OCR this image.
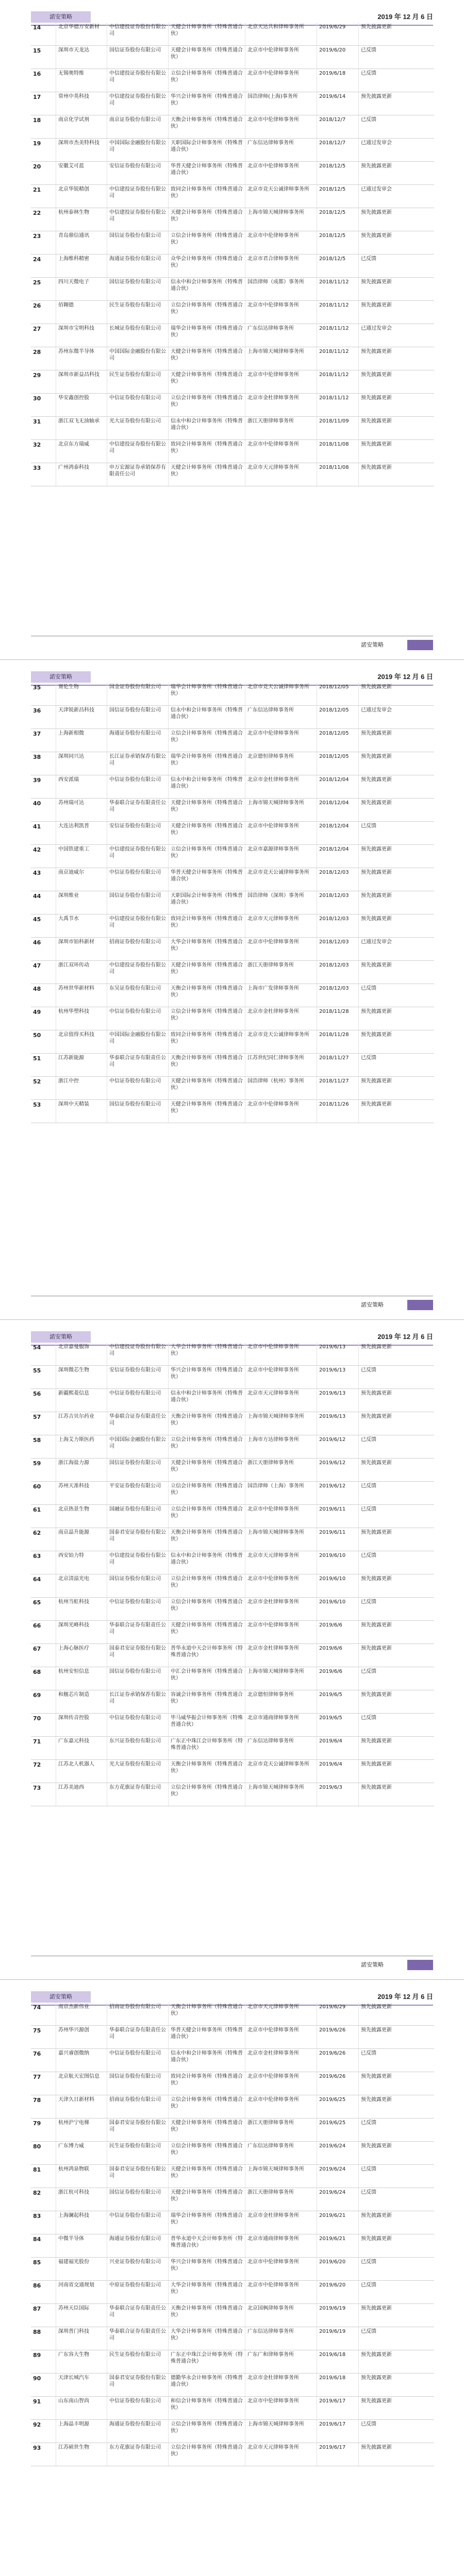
諾安策略	2019 年 12 月 6 日
14	北京华德万安新材	中信建投证券股份有限公司	天健会计师事务所（特殊普通合伙）	北京天达共和律师事务所	2019/6/29	预先披露更新
15	深圳市天龙达	国信证券股份有限公司	天健会计师事务所（特殊普通合伙）	北京市中伦律师事务所	2019/6/20	已反馈
16	无锡奥特维	中信建投证券股份有限公司	立信会计师事务所（特殊普通合伙）	北京市中伦律师事务所	2019/6/18	已反馈
17	常州中英科技	中信建投证券股份有限公司	华兴会计师事务所（特殊普通合伙）	国浩律师(上海)事务所	2019/6/14	预先披露更新
18	南京化学试剂	南京证券股份有限公司	天衡会计师事务所（特殊普通合伙）	北京市中伦律师事务所	2018/12/7	已反馈
19	深圳市杰美特科技	中国国际金融股份有限公司	天职国际会计师事务所（特殊普通合伙）	广东信达律师事务所	2018/12/7	已通过发审会
20	安徽艾可蓝	安信证券股份有限公司	华普天健会计师事务所（特殊普通合伙）	北京市中伦律师事务所	2018/12/5	预先披露更新
21	北京华锐精创	中信建投证券股份有限公司	致同会计师事务所（特殊普通合伙）	北京市竞天公诚律师事务所	2018/12/5	已通过发审会
22	杭州泰林生物	中信建投证券股份有限公司	天健会计师事务所（特殊普通合伙）	上海市锦天城律师事务所	2018/12/5	预先披露更新
23	青岛鼎信通讯	国信证券股份有限公司	立信会计师事务所（特殊普通合伙）	北京市中伦律师事务所	2018/12/5	预先披露更新
24	上海维科精密	海通证券股份有限公司	众华会计师事务所（特殊普通合伙）	北京市君合律师事务所	2018/12/5	已反馈
25	四川天微电子	国信证券股份有限公司	信永中和会计师事务所（特殊普通合伙）	国浩律师（成都）事务所	2018/11/12	预先披露更新
26	佰翱德	民生证券股份有限公司	立信会计师事务所（特殊普通合伙）	北京市中伦律师事务所	2018/11/12	预先披露更新
27	深圳市宝明科技	长城证券股份有限公司	瑞华会计师事务所（特殊普通合伙）	广东信达律师事务所	2018/11/12	已通过发审会
28	苏州东微半导体	中国国际金融股份有限公司	天健会计师事务所（特殊普通合伙）	上海市锦天城律师事务所	2018/11/12	预先披露更新
29	深圳市新益昌科技	民生证券股份有限公司	天健会计师事务所（特殊普通合伙）	北京市中伦律师事务所	2018/11/12	预先披露更新
30	华安鑫创控股	中信证券股份有限公司	立信会计师事务所（特殊普通合伙）	北京市金杜律师事务所	2018/11/12	预先披露更新
31	浙江双飞无油轴承	光大证券股份有限公司	信永中和会计师事务所（特殊普通合伙）	浙江天册律师事务所	2018/11/09	预先披露更新
32	北京东方瑞威	中信建投证券股份有限公司	致同会计师事务所（特殊普通合伙）	北京市中伦律师事务所	2018/11/08	预先披露更新
33	广州鸿泰科技	申万宏源证券承销保荐有限责任公司	天健会计师事务所（特殊普通合伙）	北京市天元律师事务所	2018/11/08	预先披露更新
諾安策略
諾安策略	2019 年 12 月 6 日
35	赛伦生物	国金证券股份有限公司	瑞华会计师事务所（特殊普通合伙）	北京市竞天公诚律师事务所	2018/12/05	预先披露更新
36	天津锐新昌科技	国信证券股份有限公司	信永中和会计师事务所（特殊普通合伙）	广东信达律师事务所	2018/12/05	已通过发审会
37	上海新相微	海通证券股份有限公司	立信会计师事务所（特殊普通合伙）	北京市中伦律师事务所	2018/12/05	预先披露更新
38	深圳同兴达	长江证券承销保荐有限公司	瑞华会计师事务所（特殊普通合伙）	北京德恒律师事务所	2018/12/05	预先披露更新
39	西安派瑞	中信证券股份有限公司	信永中和会计师事务所（特殊普通合伙）	北京市金杜律师事务所	2018/12/04	预先披露更新
40	苏州瑞可达	华泰联合证券有限责任公司	天健会计师事务所（特殊普通合伙）	上海市锦天城律师事务所	2018/12/04	预先披露更新
41	大连达利凯普	安信证券股份有限公司	天健会计师事务所（特殊普通合伙）	北京市中伦律师事务所	2018/12/04	已反馈
42	中国铁建重工	中信建投证券股份有限公司	立信会计师事务所（特殊普通合伙）	北京市嘉源律师事务所	2018/12/04	预先披露更新
43	南京迪威尔	中信证券股份有限公司	华普天健会计师事务所（特殊普通合伙）	北京市竞天公诚律师事务所	2018/12/03	预先披露更新
44	深圳维业	国信证券股份有限公司	天职国际会计师事务所（特殊普通合伙）	国浩律师（深圳）事务所	2018/12/03	预先披露更新
45	大禹节水	中信建投证券股份有限公司	致同会计师事务所（特殊普通合伙）	北京市天元律师事务所	2018/12/03	预先披露更新
46	深圳市铂科新材	招商证券股份有限公司	大华会计师事务所（特殊普通合伙）	北京市中伦律师事务所	2018/12/03	已通过发审会
47	浙江双环传动	中信建投证券股份有限公司	天健会计师事务所（特殊普通合伙）	浙江天册律师事务所	2018/12/03	预先披露更新
48	苏州世华新材料	东吴证券股份有限公司	天衡会计师事务所（特殊普通合伙）	上海市广发律师事务所	2018/12/03	已反馈
49	杭州华塑科技	中信证券股份有限公司	立信会计师事务所（特殊普通合伙）	北京市金杜律师事务所	2018/11/28	预先披露更新
50	北京值得买科技	中国国际金融股份有限公司	致同会计师事务所（特殊普通合伙）	北京市竞天公诚律师事务所	2018/11/28	预先披露更新
51	江苏新能源	华泰联合证券有限责任公司	天衡会计师事务所（特殊普通合伙）	江苏世纪同仁律师事务所	2018/11/27	已反馈
52	浙江中控	中信证券股份有限公司	天健会计师事务所（特殊普通合伙）	国浩律师（杭州）事务所	2018/11/27	预先披露更新
53	深圳中天精装	国信证券股份有限公司	天健会计师事务所（特殊普通合伙）	北京市中伦律师事务所	2018/11/26	预先披露更新
諾安策略
諾安策略	2019 年 12 月 6 日
54	北京嘉曼服饰	中信建投证券股份有限公司	大华会计师事务所（特殊普通合伙）	北京市中伦律师事务所	2019/6/13	预先披露更新
55	深圳微芯生物	安信证券股份有限公司	华兴会计师事务所（特殊普通合伙）	北京市中伦律师事务所	2019/6/13	已反馈
56	新疆熙菱信息	中信证券股份有限公司	信永中和会计师事务所（特殊普通合伙）	北京市天元律师事务所	2019/6/13	预先披露更新
57	江苏吉贝尔药业	华泰联合证券有限责任公司	天衡会计师事务所（特殊普通合伙）	上海市锦天城律师事务所	2019/6/13	预先披露更新
58	上海艾力斯医药	中国国际金融股份有限公司	立信会计师事务所（特殊普通合伙）	上海市方达律师事务所	2019/6/12	已反馈
59	浙江海盐力源	国信证券股份有限公司	天健会计师事务所（特殊普通合伙）	浙江天册律师事务所	2019/6/12	预先披露更新
60	苏州天准科技	平安证券股份有限公司	立信会计师事务所（特殊普通合伙）	国浩律师（上海）事务所	2019/6/12	已反馈
61	北京热景生物	国融证券股份有限公司	立信会计师事务所（特殊普通合伙）	北京市中伦律师事务所	2019/6/11	已反馈
62	南京晶升能源	国泰君安证券股份有限公司	天衡会计师事务所（特殊普通合伙）	上海市锦天城律师事务所	2019/6/11	预先披露更新
63	西安铂力特	中信建投证券股份有限公司	信永中和会计师事务所（特殊普通合伙）	北京市天元律师事务所	2019/6/10	已反馈
64	北京清溢光电	国信证券股份有限公司	立信会计师事务所（特殊普通合伙）	北京市中伦律师事务所	2019/6/10	预先披露更新
65	杭州当虹科技	中信证券股份有限公司	立信会计师事务所（特殊普通合伙）	北京市金杜律师事务所	2019/6/10	已反馈
66	深圳光峰科技	华泰联合证券有限责任公司	天健会计师事务所（特殊普通合伙）	北京市中伦律师事务所	2019/6/6	预先披露更新
67	上海心脉医疗	国泰君安证券股份有限公司	普华永道中天会计师事务所（特殊普通合伙）	北京市金杜律师事务所	2019/6/6	预先披露更新
68	杭州安恒信息	国信证券股份有限公司	中汇会计师事务所（特殊普通合伙）	上海市锦天城律师事务所	2019/6/6	已反馈
69	和舰芯片制造	长江证券承销保荐有限公司	容诚会计师事务所（特殊普通合伙）	北京德恒律师事务所	2019/6/5	预先披露更新
70	深圳传音控股	中信证券股份有限公司	毕马威华振会计师事务所（特殊普通合伙）	北京市通商律师事务所	2019/6/5	已反馈
71	广东嘉元科技	东兴证券股份有限公司	广东正中珠江会计师事务所（特殊普通合伙）	广东信达律师事务所	2019/6/4	预先披露更新
72	江苏北人机器人	光大证券股份有限公司	天衡会计师事务所（特殊普通合伙）	北京市竞天公诚律师事务所	2019/6/4	预先披露更新
73	江苏美迪西	东方花旗证券有限公司	立信会计师事务所（特殊普通合伙）	上海市锦天城律师事务所	2019/6/3	预先披露更新
諾安策略
諾安策略	2019 年 12 月 6 日
74	南京杰新伟业	招商证券股份有限公司	天衡会计师事务所（特殊普通合伙）	北京市天元律师事务所	2019/6/29	预先披露更新
75	苏州华兴源创	华泰联合证券有限责任公司	华普天健会计师事务所（特殊普通合伙）	北京市中伦律师事务所	2019/6/26	预先披露更新
76	嘉兴睿创微纳	中信证券股份有限公司	信永中和会计师事务所（特殊普通合伙）	北京市金杜律师事务所	2019/6/26	已反馈
77	北京航天宏图信息	国信证券股份有限公司	致同会计师事务所（特殊普通合伙）	北京市中伦律师事务所	2019/6/26	预先披露更新
78	天津久日新材料	招商证券股份有限公司	立信会计师事务所（特殊普通合伙）	北京市中伦律师事务所	2019/6/25	预先披露更新
79	杭州沪宁电梯	国泰君安证券股份有限公司	天健会计师事务所（特殊普通合伙）	浙江天册律师事务所	2019/6/25	已反馈
80	广东博力威	民生证券股份有限公司	立信会计师事务所（特殊普通合伙）	广东信达律师事务所	2019/6/24	预先披露更新
81	杭州鸿泉物联	国泰君安证券股份有限公司	天健会计师事务所（特殊普通合伙）	上海市锦天城律师事务所	2019/6/24	已反馈
82	浙江杭可科技	国信证券股份有限公司	天健会计师事务所（特殊普通合伙）	浙江天册律师事务所	2019/6/24	已反馈
83	上海澜起科技	中信证券股份有限公司	瑞华会计师事务所（特殊普通合伙）	北京市金杜律师事务所	2019/6/21	预先披露更新
84	中微半导体	海通证券股份有限公司	普华永道中天会计师事务所（特殊普通合伙）	北京市通商律师事务所	2019/6/21	预先披露更新
85	福建福光股份	兴业证券股份有限公司	华兴会计师事务所（特殊普通合伙）	北京市中伦律师事务所	2019/6/20	已反馈
86	河南省交通规划	中原证券股份有限公司	大华会计师事务所（特殊普通合伙）	北京市中伦律师事务所	2019/6/20	已反馈
87	苏州天臣国际	华泰联合证券有限责任公司	天衡会计师事务所（特殊普通合伙）	北京国枫律师事务所	2019/6/19	预先披露更新
88	深圳普门科技	华泰联合证券有限责任公司	大华会计师事务所（特殊普通合伙）	广东信达律师事务所	2019/6/19	已反馈
89	广东容大生物	民生证券股份有限公司	广东正中珠江会计师事务所（特殊普通合伙）	广东广和律师事务所	2019/6/18	预先披露更新
90	天津长城汽车	国泰君安证券股份有限公司	德勤华永会计师事务所（特殊普通合伙）	北京市金杜律师事务所	2019/6/18	预先披露更新
91	山东南山智尚	中信证券股份有限公司	和信会计师事务所（特殊普通合伙）	北京市中伦律师事务所	2019/6/17	预先披露更新
92	上海晶丰明源	海通证券股份有限公司	立信会计师事务所（特殊普通合伙）	上海市锦天城律师事务所	2019/6/17	已反馈
93	江苏硕世生物	东方花旗证券有限公司	立信会计师事务所（特殊普通合伙）	北京市天元律师事务所	2019/6/17	预先披露更新
